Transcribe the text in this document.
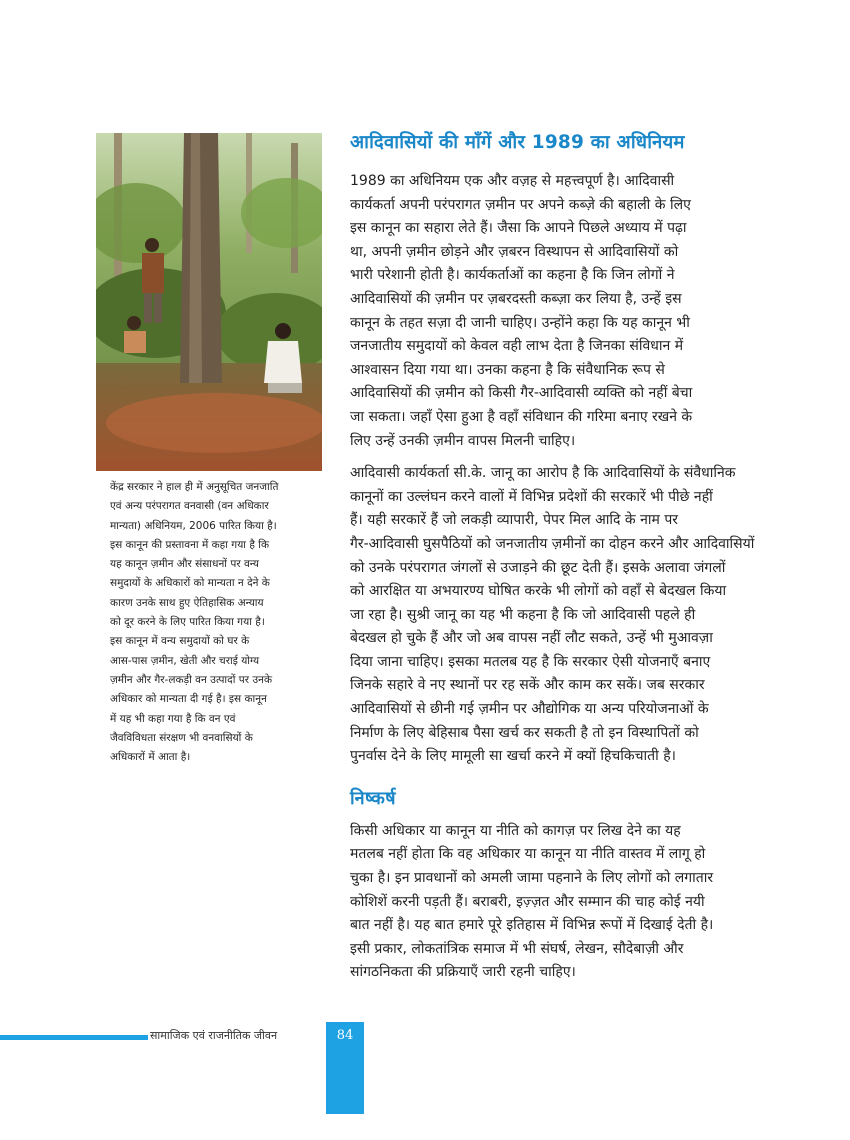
केंद्र सरकार ने हाल ही में अनुसूचित जनजाति
एवं अन्य परंपरागत वनवासी (वन अधिकार
मान्यता) अधिनियम, 2006 पारित किया है।
इस कानून की प्रस्तावना में कहा गया है कि
यह कानून ज़मीन और संसाधनों पर वन्य
समुदायों के अधिकारों को मान्यता न देने के
कारण उनके साथ हुए ऐतिहासिक अन्याय
को दूर करने के लिए पारित किया गया है।
इस कानून में वन्य समुदायों को घर के
आस-पास ज़मीन, खेती और चराई योग्य
ज़मीन और गैर-लकड़ी वन उत्पादों पर उनके
अधिकार को मान्यता दी गई है। इस कानून
में यह भी कहा गया है कि वन एवं
जैवविविधता संरक्षण भी वनवासियों के
अधिकारों में आता है।
आदिवासियों की माँगें और 1989 का अधिनियम

1989 का अधिनियम एक और वज़ह से महत्त्वपूर्ण है। आदिवासी
कार्यकर्ता अपनी परंपरागत ज़मीन पर अपने कब्ज़े की बहाली के लिए
इस कानून का सहारा लेते हैं। जैसा कि आपने पिछले अध्याय में पढ़ा
था, अपनी ज़मीन छोड़ने और ज़बरन विस्थापन से आदिवासियों को
भारी परेशानी होती है। कार्यकर्ताओं का कहना है कि जिन लोगों ने
आदिवासियों की ज़मीन पर ज़बरदस्ती कब्ज़ा कर लिया है, उन्हें इस
कानून के तहत सज़ा दी जानी चाहिए। उन्होंने कहा कि यह कानून भी
जनजातीय समुदायों को केवल वही लाभ देता है जिनका संविधान में
आश्वासन दिया गया था। उनका कहना है कि संवैधानिक रूप से
आदिवासियों की ज़मीन को किसी गैर-आदिवासी व्यक्ति को नहीं बेचा
जा सकता। जहाँ ऐसा हुआ है वहाँ संविधान की गरिमा बनाए रखने के
लिए उन्हें उनकी ज़मीन वापस मिलनी चाहिए।

आदिवासी कार्यकर्ता सी.के. जानू का आरोप है कि आदिवासियों के संवैधानिक
कानूनों का उल्लंघन करने वालों में विभिन्न प्रदेशों की सरकारें भी पीछे नहीं
हैं। यही सरकारें हैं जो लकड़ी व्यापारी, पेपर मिल आदि के नाम पर
गैर-आदिवासी घुसपैठियों को जनजातीय ज़मीनों का दोहन करने और आदिवासियों
को उनके परंपरागत जंगलों से उजाड़ने की छूट देती हैं। इसके अलावा जंगलों
को आरक्षित या अभयारण्य घोषित करके भी लोगों को वहाँ से बेदखल किया
जा रहा है। सुश्री जानू का यह भी कहना है कि जो आदिवासी पहले ही
बेदखल हो चुके हैं और जो अब वापस नहीं लौट सकते, उन्हें भी मुआवज़ा
दिया जाना चाहिए। इसका मतलब यह है कि सरकार ऐसी योजनाएँ बनाए
जिनके सहारे वे नए स्थानों पर रह सकें और काम कर सकें। जब सरकार
आदिवासियों से छीनी गई ज़मीन पर औद्योगिक या अन्य परियोजनाओं के
निर्माण के लिए बेहिसाब पैसा खर्च कर सकती है तो इन विस्थापितों को
पुनर्वास देने के लिए मामूली सा खर्चा करने में क्यों हिचकिचाती है।

निष्कर्ष

किसी अधिकार या कानून या नीति को कागज़ पर लिख देने का यह
मतलब नहीं होता कि वह अधिकार या कानून या नीति वास्तव में लागू हो
चुका है। इन प्रावधानों को अमली जामा पहनाने के लिए लोगों को लगातार
कोशिशें करनी पड़ती हैं। बराबरी, इज़्ज़त और सम्मान की चाह कोई नयी
बात नहीं है। यह बात हमारे पूरे इतिहास में विभिन्न रूपों में दिखाई देती है।
इसी प्रकार, लोकतांत्रिक समाज में भी संघर्ष, लेखन, सौदेबाज़ी और
सांगठनिकता की प्रक्रियाएँ जारी रहनी चाहिए।

सामाजिक एवं राजनीतिक जीवन	84
